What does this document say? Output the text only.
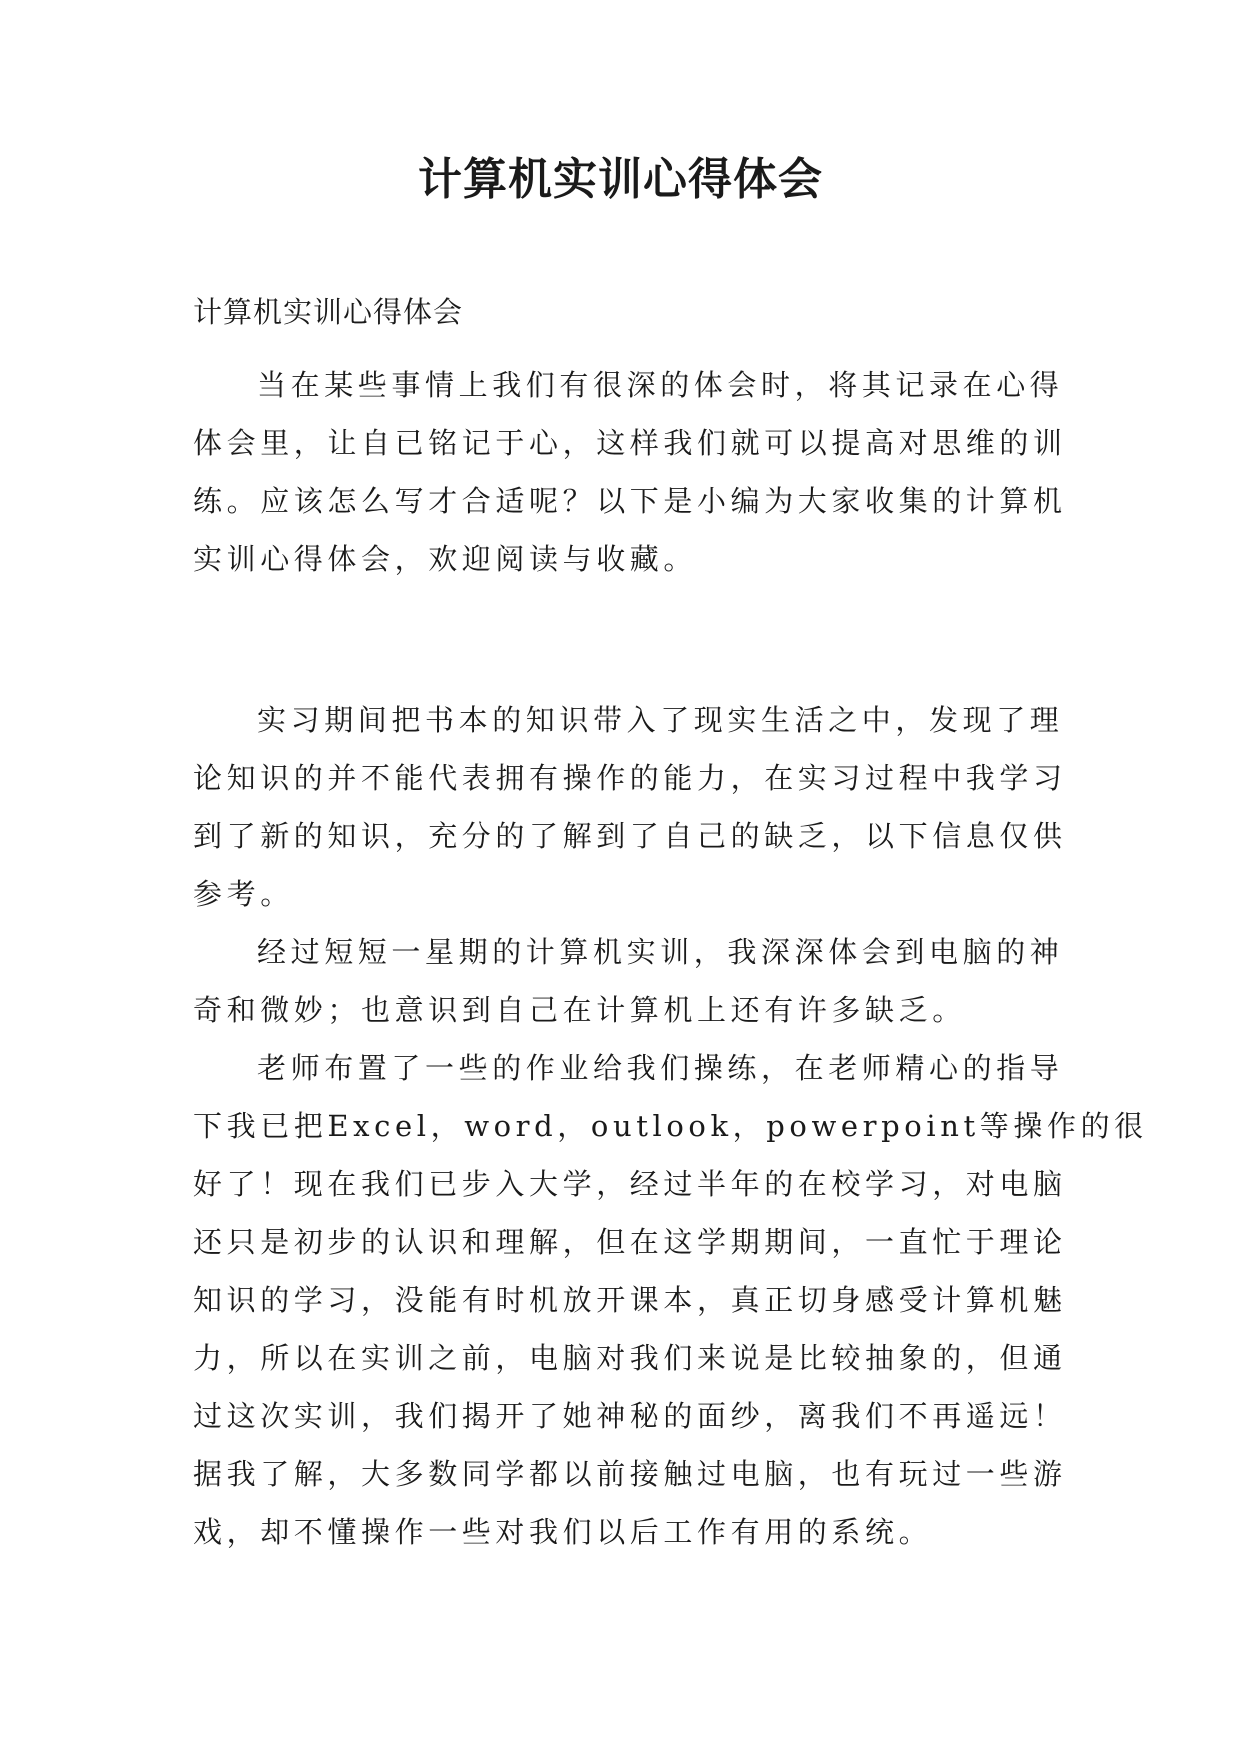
计算机实训心得体会
计算机实训心得体会
当在某些事情上我们有很深的体会时，将其记录在心得
体会里，让自已铭记于心，这样我们就可以提高对思维的训
练。应该怎么写才合适呢？以下是小编为大家收集的计算机
实训心得体会，欢迎阅读与收藏。
实习期间把书本的知识带入了现实生活之中，发现了理
论知识的并不能代表拥有操作的能力，在实习过程中我学习
到了新的知识，充分的了解到了自己的缺乏，以下信息仅供
参考。
经过短短一星期的计算机实训，我深深体会到电脑的神
奇和微妙；也意识到自己在计算机上还有许多缺乏。
老师布置了一些的作业给我们操练，在老师精心的指导
下我已把Excel，word，outlook，powerpoint等操作的很
好了！现在我们已步入大学，经过半年的在校学习，对电脑
还只是初步的认识和理解，但在这学期期间，一直忙于理论
知识的学习，没能有时机放开课本，真正切身感受计算机魅
力，所以在实训之前，电脑对我们来说是比较抽象的，但通
过这次实训，我们揭开了她神秘的面纱，离我们不再遥远！
据我了解，大多数同学都以前接触过电脑，也有玩过一些游
戏，却不懂操作一些对我们以后工作有用的系统。
